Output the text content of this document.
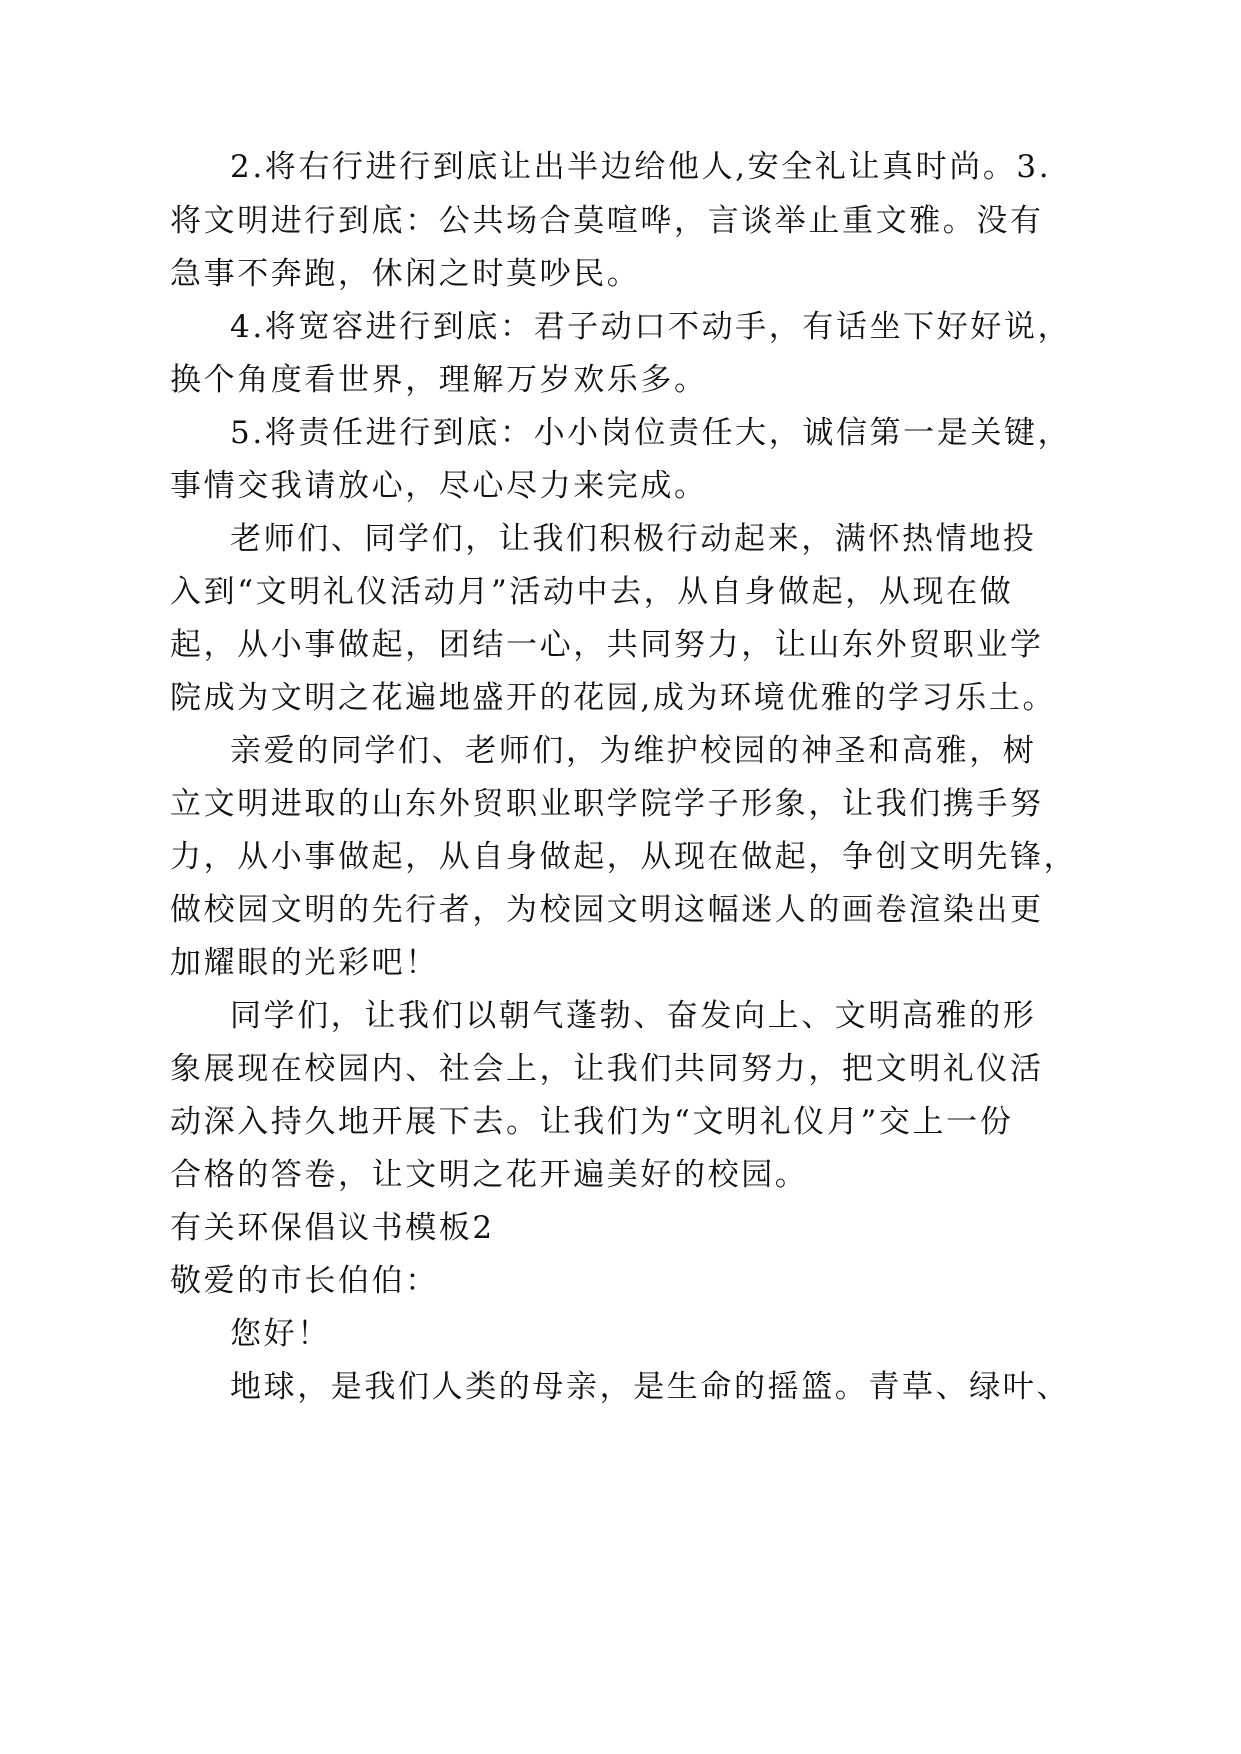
2.将右行进行到底让出半边给他人,安全礼让真时尚。3.
将文明进行到底：公共场合莫喧哗，言谈举止重文雅。没有
急事不奔跑，休闲之时莫吵民。
4.将宽容进行到底：君子动口不动手，有话坐下好好说，
换个角度看世界，理解万岁欢乐多。
5.将责任进行到底：小小岗位责任大，诚信第一是关键，
事情交我请放心，尽心尽力来完成。
老师们、同学们，让我们积极行动起来，满怀热情地投
入到“文明礼仪活动月”活动中去，从自身做起，从现在做
起，从小事做起，团结一心，共同努力，让山东外贸职业学
院成为文明之花遍地盛开的花园,成为环境优雅的学习乐土。
亲爱的同学们、老师们，为维护校园的神圣和高雅，树
立文明进取的山东外贸职业职学院学子形象，让我们携手努
力，从小事做起，从自身做起，从现在做起，争创文明先锋，
做校园文明的先行者，为校园文明这幅迷人的画卷渲染出更
加耀眼的光彩吧！
同学们，让我们以朝气蓬勃、奋发向上、文明高雅的形
象展现在校园内、社会上，让我们共同努力，把文明礼仪活
动深入持久地开展下去。让我们为“文明礼仪月”交上一份
合格的答卷，让文明之花开遍美好的校园。
有关环保倡议书模板2
敬爱的市长伯伯：
您好！
地球，是我们人类的母亲，是生命的摇篮。青草、绿叶、
